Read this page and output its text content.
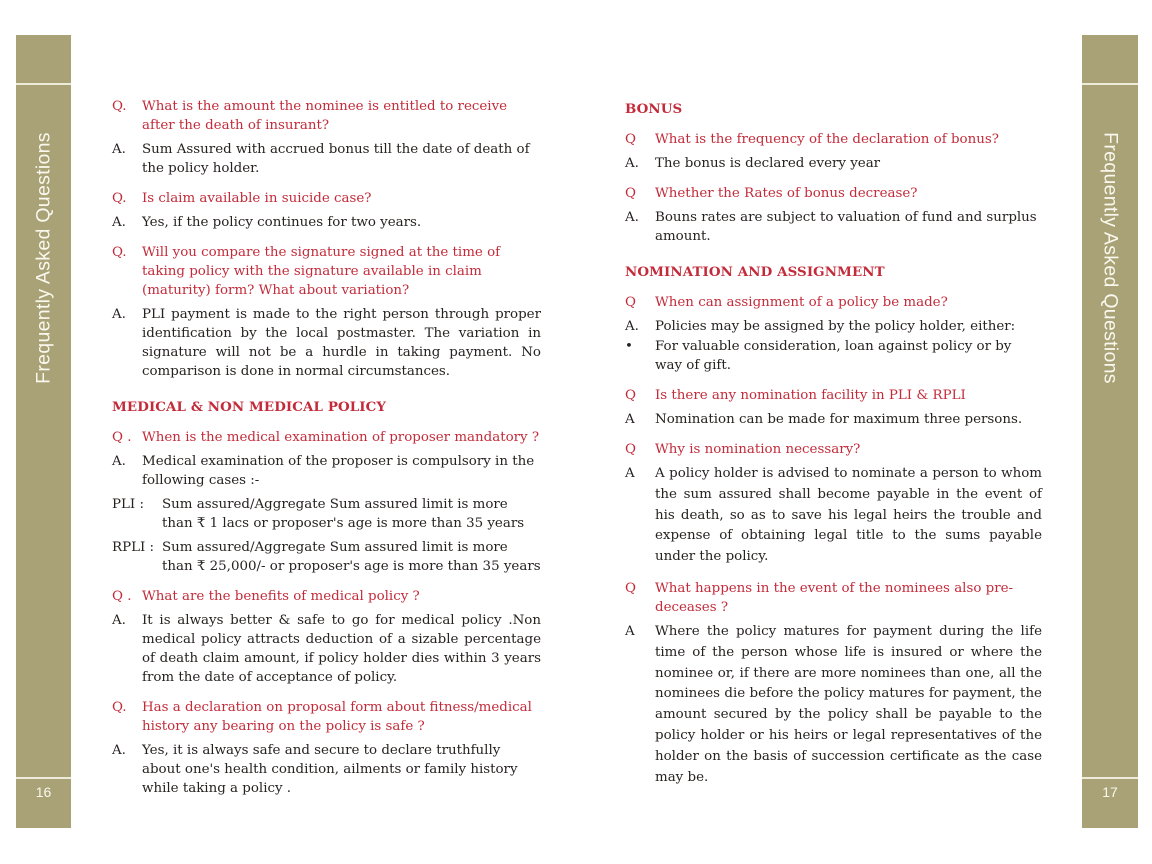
16
Frequently Asked Questions
17
Frequently Asked Questions
Q.	What is the amount the nominee is entitled to receive after the death of insurant?
A.	Sum Assured with accrued bonus till the date of death of the policy holder.
Q.	Is claim available in suicide case?
A.	Yes, if the policy continues for two years.
Q.	Will you compare the signature signed at the time of taking policy with the signature available in claim (maturity) form? What about variation?
A.	PLI payment is made to the right person through proper identification by the local postmaster. The variation in signature will not be a hurdle in taking payment. No comparison is done in normal circumstances.
MEDICAL & NON MEDICAL POLICY
Q . When is the medical examination of proposer mandatory ?
A.	Medical examination of the proposer is compulsory in the following cases :-
PLI :	Sum assured/Aggregate Sum assured limit is more than ₹ 1 lacs or proposer's age is more than 35 years
RPLI : Sum assured/Aggregate Sum assured limit is more than ₹ 25,000/- or proposer's age is more than 35 years
Q . What are the benefits of medical policy ?
A.	It is always better & safe to go for medical policy .Non medical policy attracts deduction of a sizable percentage of death claim amount, if policy holder dies within 3 years from the date of acceptance of policy.
Q.	Has a declaration on proposal form about fitness/medical history any bearing on the policy is safe ?
A.	Yes, it is always safe and secure to declare truthfully about one's health condition, ailments or family history while taking a policy .
BONUS
Q	What is the frequency of the declaration of bonus?
A.	The bonus is declared every year
Q	Whether the Rates of bonus decrease?
A.	Bouns rates are subject to valuation of fund and surplus amount.
NOMINATION AND ASSIGNMENT
Q	When can assignment of a policy be made?
A.	Policies may be assigned by the policy holder, either:
•	For valuable consideration, loan against policy or by way of gift.
Q	Is there any nomination facility in PLI & RPLI
A	Nomination can be made for maximum three persons.
Q	Why is nomination necessary?
A	A policy holder is advised to nominate a person to whom the sum assured shall become payable in the event of his death, so as to save his legal heirs the trouble and expense of obtaining legal title to the sums payable under the policy.
Q	What happens in the event of the nominees also pre-deceases ?
A	Where the policy matures for payment during the life time of the person whose life is insured or where the nominee or, if there are more nominees than one, all the nominees die before the policy matures for payment, the amount secured by the policy shall be payable to the policy holder or his heirs or legal representatives of the holder on the basis of succession certificate as the case may be.
